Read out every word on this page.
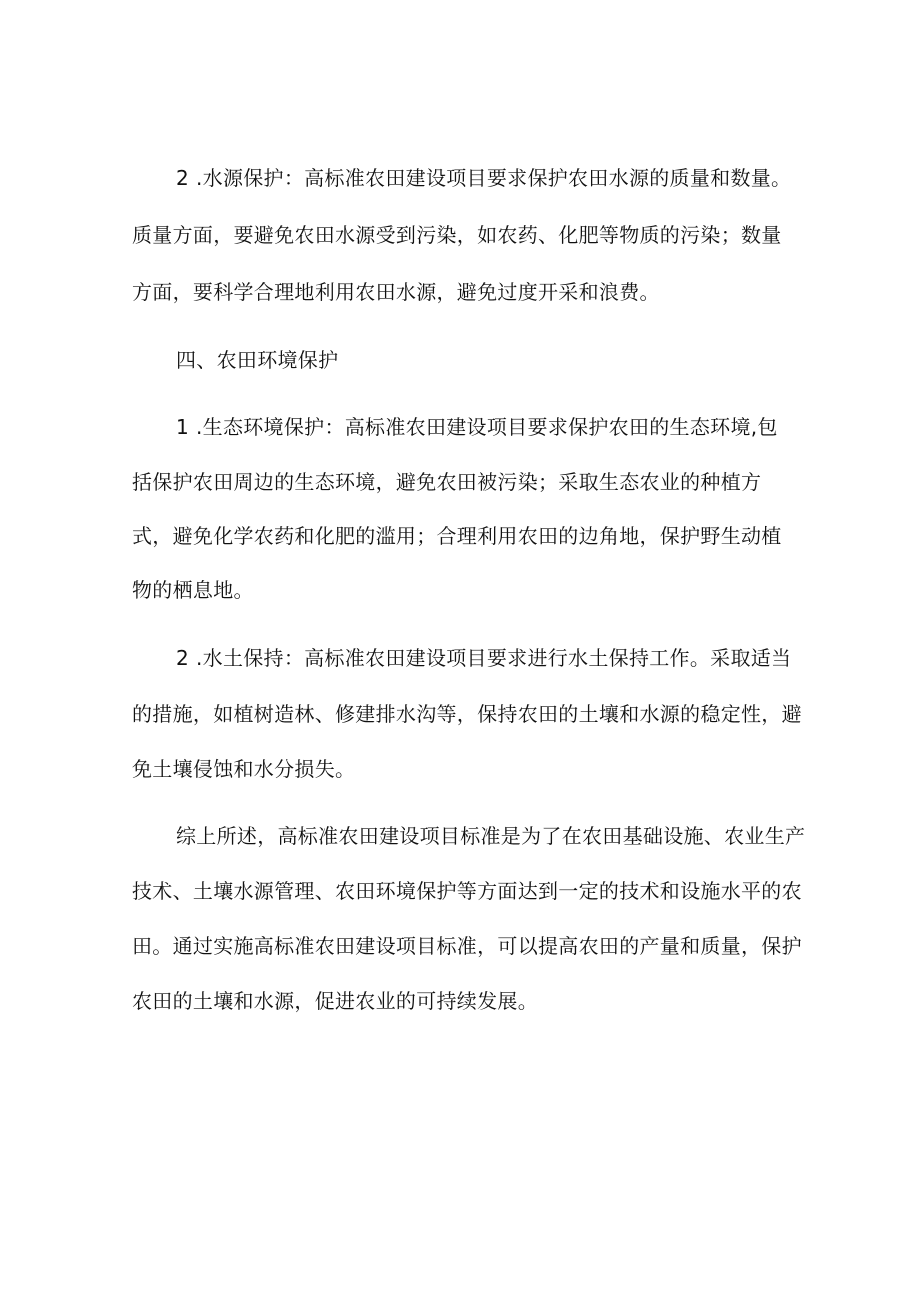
2 .水源保护：高标准农田建设项目要求保护农田水源的质量和数量。
质量方面，要避免农田水源受到污染，如农药、化肥等物质的污染；数量
方面，要科学合理地利用农田水源，避免过度开采和浪费。
四、农田环境保护
1 .生态环境保护：高标准农田建设项目要求保护农田的生态环境,包
括保护农田周边的生态环境，避免农田被污染；采取生态农业的种植方
式，避免化学农药和化肥的滥用；合理利用农田的边角地，保护野生动植
物的栖息地。
2 .水土保持：高标准农田建设项目要求进行水土保持工作。采取适当
的措施，如植树造林、修建排水沟等，保持农田的土壤和水源的稳定性，避
免土壤侵蚀和水分损失。
综上所述，高标准农田建设项目标准是为了在农田基础设施、农业生产
技术、土壤水源管理、农田环境保护等方面达到一定的技术和设施水平的农
田。通过实施高标准农田建设项目标准，可以提高农田的产量和质量，保护
农田的土壤和水源，促进农业的可持续发展。
